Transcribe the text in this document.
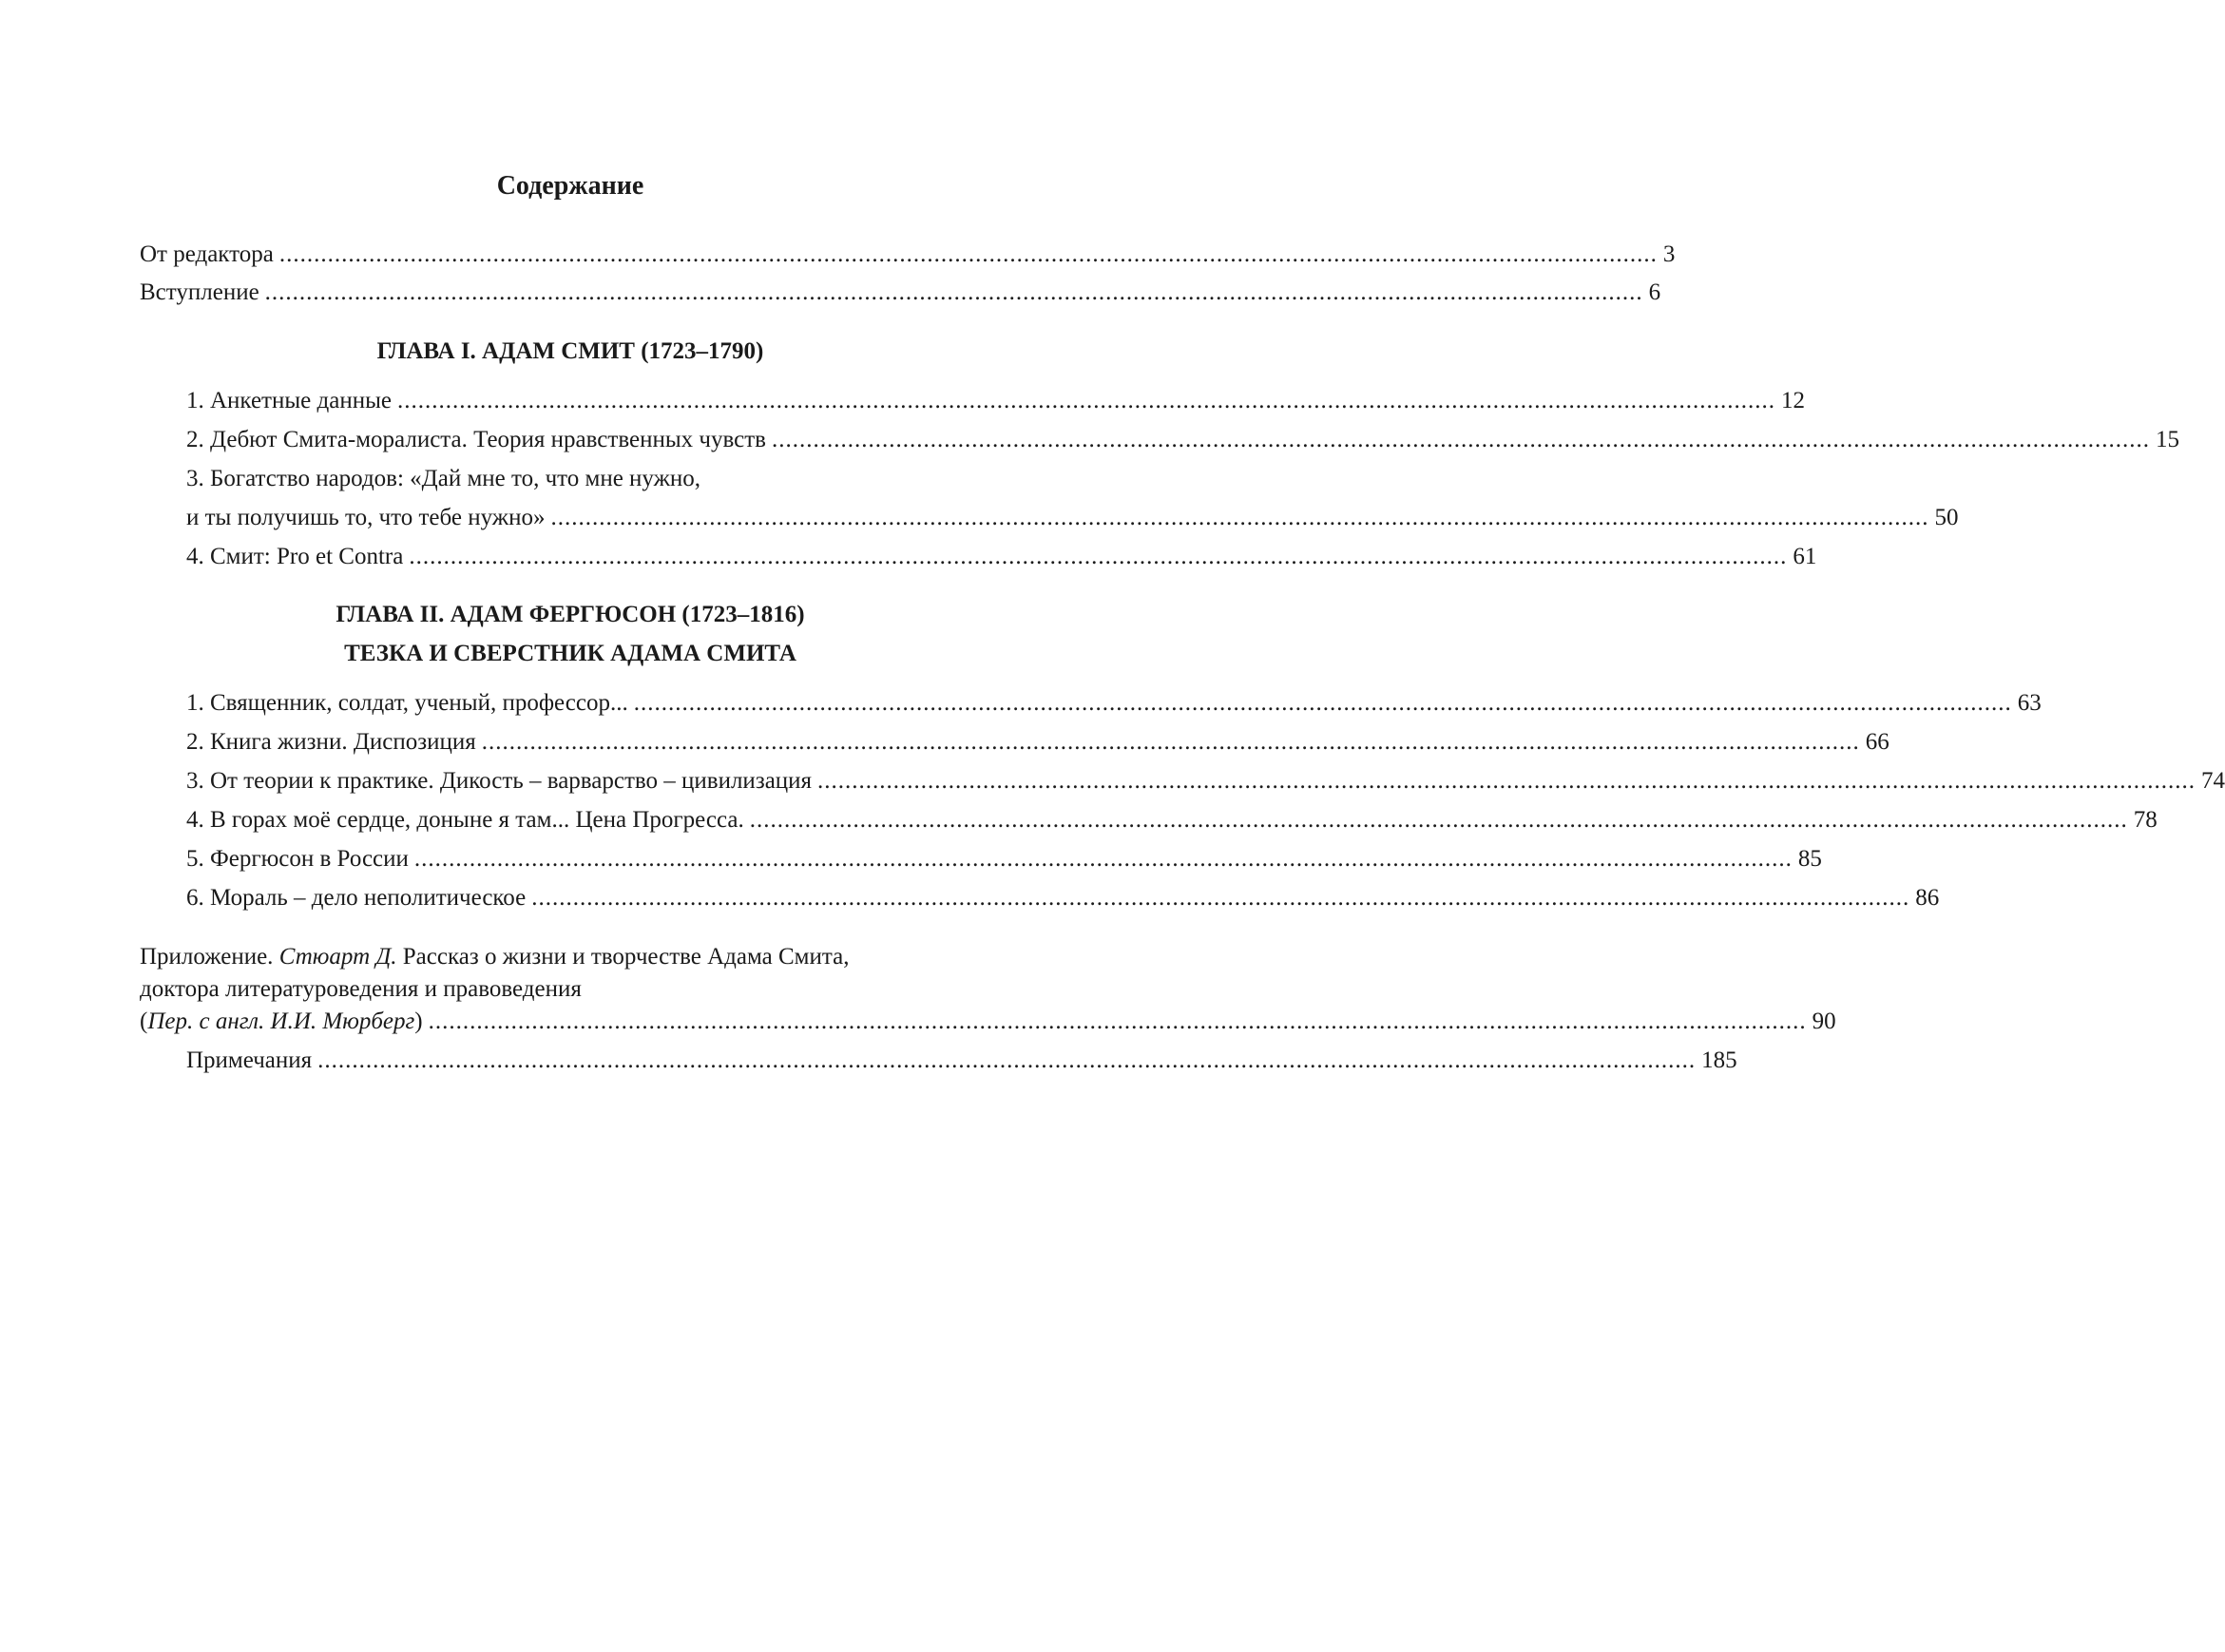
Содержание
От редактора ........................................................................................................................................................................................................ 3
Вступление ........................................................................................................................................................................................................ 6
ГЛАВА I. АДАМ СМИТ (1723–1790)
1. Анкетные данные ........................................................................................................................................................................................................ 12
2. Дебют Смита-моралиста. Теория нравственных чувств ........................................................................................................................................................................................................ 15
3. Богатство народов: «Дай мне то, что мне нужно,
и ты получишь то, что тебе нужно» ........................................................................................................................................................................................................ 50
4. Смит: Pro et Contra ........................................................................................................................................................................................................ 61
ГЛАВА II. АДАМ ФЕРГЮСОН (1723–1816)
ТЕЗКА И СВЕРСТНИК АДАМА СМИТА
1. Священник, солдат, ученый, профессор... ........................................................................................................................................................................................................ 63
2. Книга жизни. Диспозиция ........................................................................................................................................................................................................ 66
3. От теории к практике. Дикость – варварство – цивилизация ........................................................................................................................................................................................................ 74
4. В горах моё сердце, доныне я там... Цена Прогресса. ........................................................................................................................................................................................................ 78
5. Фергюсон в России ........................................................................................................................................................................................................ 85
6. Мораль – дело неполитическое ........................................................................................................................................................................................................ 86
Приложение. Стюарт Д. Рассказ о жизни и творчестве Адама Смита,
доктора литературоведения и правоведения
(Пер. с англ. И.И. Мюрберг) ........................................................................................................................................................................................................ 90
Примечания ........................................................................................................................................................................................................ 185
